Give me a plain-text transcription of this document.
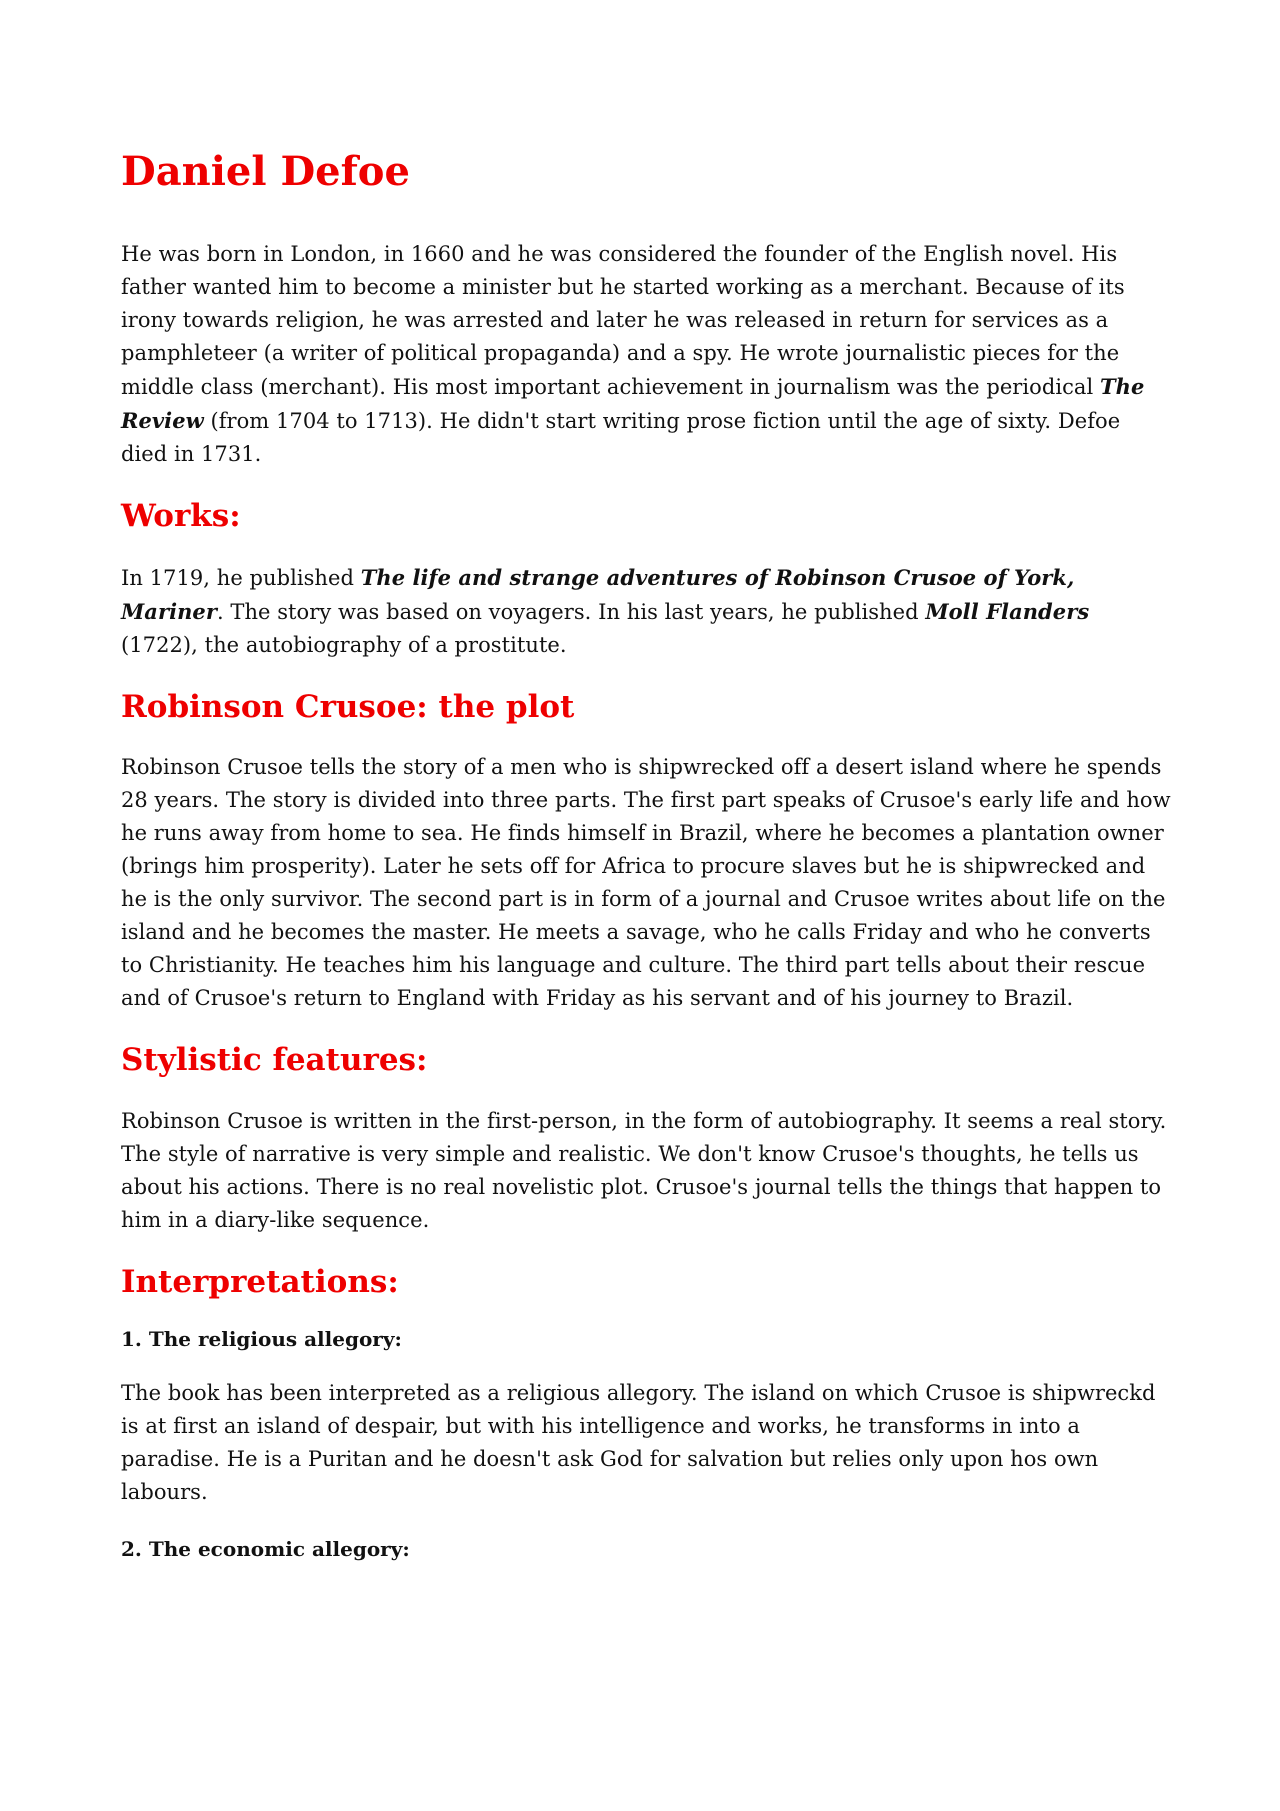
Daniel Defoe

He was born in London, in 1660 and he was considered the founder of the English novel. His father wanted him to become a minister but he started working as a merchant. Because of its irony towards religion, he was arrested and later he was released in return for services as a pamphleteer (a writer of political propaganda) and a spy. He wrote journalistic pieces for the middle class (merchant). His most important achievement in journalism was the periodical The Review (from 1704 to 1713). He didn't start writing prose fiction until the age of sixty. Defoe died in 1731.

Works:

In 1719, he published The life and strange adventures of Robinson Crusoe of York, Mariner. The story was based on voyagers. In his last years, he published Moll Flanders (1722), the autobiography of a prostitute.

Robinson Crusoe: the plot

Robinson Crusoe tells the story of a men who is shipwrecked off a desert island where he spends 28 years. The story is divided into three parts. The first part speaks of Crusoe's early life and how he runs away from home to sea. He finds himself in Brazil, where he becomes a plantation owner (brings him prosperity). Later he sets off for Africa to procure slaves but he is shipwrecked and he is the only survivor. The second part is in form of a journal and Crusoe writes about life on the island and he becomes the master. He meets a savage, who he calls Friday and who he converts to Christianity. He teaches him his language and culture. The third part tells about their rescue and of Crusoe's return to England with Friday as his servant and of his journey to Brazil.

Stylistic features:

Robinson Crusoe is written in the first-person, in the form of autobiography. It seems a real story. The style of narrative is very simple and realistic. We don't know Crusoe's thoughts, he tells us about his actions. There is no real novelistic plot. Crusoe's journal tells the things that happen to him in a diary-like sequence.

Interpretations:
1. The religious allegory:

The book has been interpreted as a religious allegory. The island on which Crusoe is shipwreckd is at first an island of despair, but with his intelligence and works, he transforms in into a paradise. He is a Puritan and he doesn't ask God for salvation but relies only upon hos own labours.

2. The economic allegory:
